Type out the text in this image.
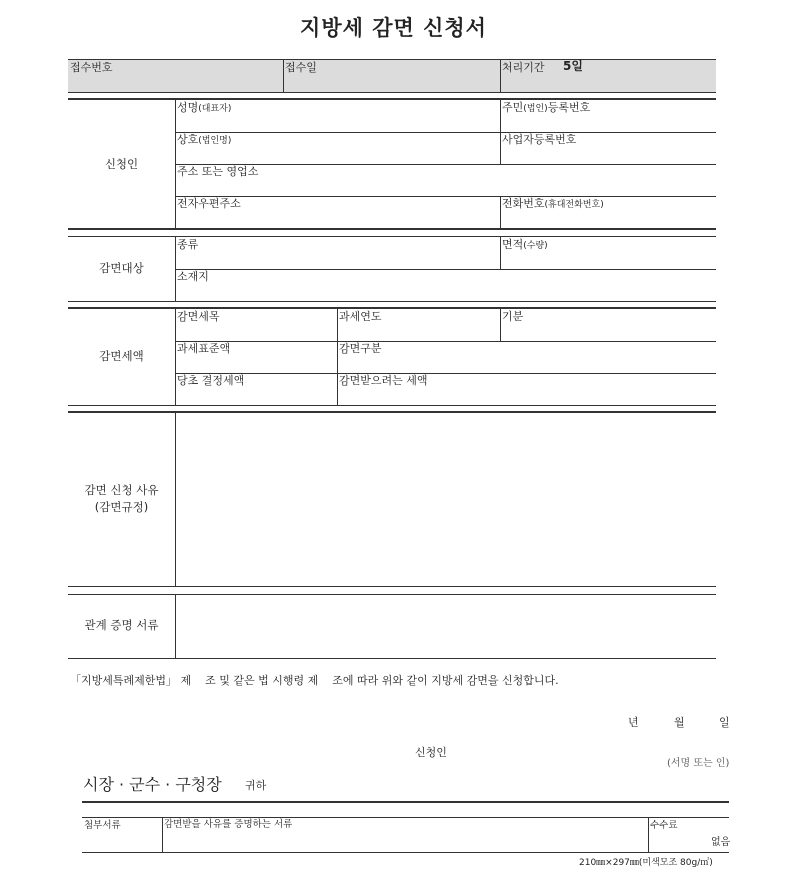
지방세 감면 신청서
접수번호	접수일	처리기간 5일
신청인
성명(대표자)	주민(법인)등록번호
상호(법인명)	사업자등록번호
주소 또는 영업소
전자우편주소	전화번호(휴대전화번호)
감면대상
종류	면적(수량)
소재지
감면세액
감면세목	과세연도	기분
과세표준액	감면구분
당초 결정세액	감면받으려는 세액
감면 신청 사유
(감면규정)
관계 증명 서류
「지방세특례제한법」 제    조 및 같은 법 시행령 제    조에 따라 위와 같이 지방세 감면을 신청합니다.
년	월	일
신청인
(서명 또는 인)
시장 · 군수 · 구청장 귀하
첨부서류	감면받을 사유를 증명하는 서류	수수료
없음
210㎜×297㎜(미색모조 80g/㎡)
